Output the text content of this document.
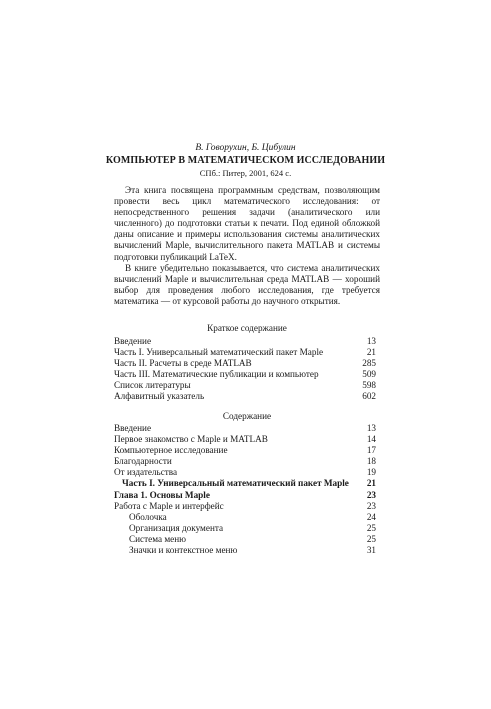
В. Говорухин, Б. Цибулин
КОМПЬЮТЕР В МАТЕМАТИЧЕСКОМ ИССЛЕДОВАНИИ
СПб.: Питер, 2001, 624 с.

Эта книга посвящена программным средствам, позволяющим провести весь цикл математического исследования: от непосредственного решения задачи (аналитического или численного) до подготовки статьи к печати. Под единой обложкой даны описание и примеры использования системы аналитических вычислений Maple, вычислительного пакета MATLAB и системы подготовки публикаций LaTeX.

В книге убедительно показывается, что система аналитических вычислений Maple и вычислительная среда MATLAB — хороший выбор для проведения любого исследования, где требуется математика — от курсовой работы до научного открытия.

Краткое содержание
Введение	13
Часть I. Универсальный математический пакет Maple	21
Часть II. Расчеты в среде MATLAB	285
Часть III. Математические публикации и компьютер	509
Список литературы	598
Алфавитный указатель	602
Содержание
Введение	13
Первое знакомство с Maple и MATLAB	14
Компьютерное исследование	17
Благодарности	18
От издательства	19
Часть I. Универсальный математический пакет Maple	21
Глава 1. Основы Maple	23
Работа с Maple и интерфейс	23
Оболочка	24
Организация документа	25
Система меню	25
Значки и контекстное меню	31
